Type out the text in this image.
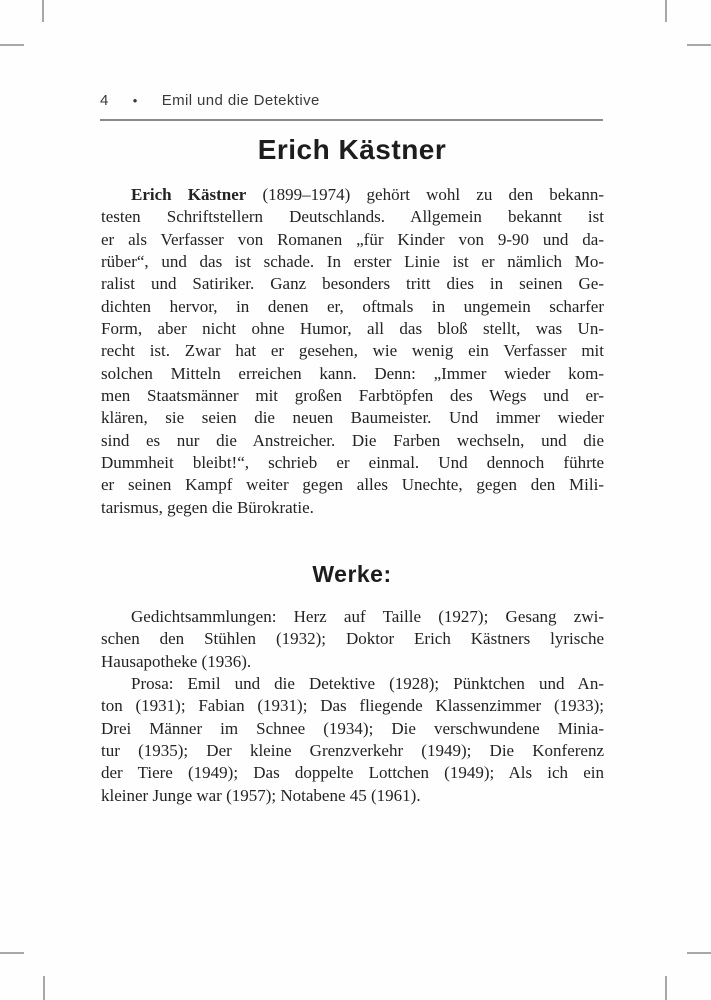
4 • Emil und die Detektive
Erich Kästner
Erich Kästner (1899–1974) gehört wohl zu den bekann-
testen Schriftstellern Deutschlands. Allgemein bekannt ist
er als Verfasser von Romanen „für Kinder von 9-90 und da-
rüber“, und das ist schade. In erster Linie ist er nämlich Mo-
ralist und Satiriker. Ganz besonders tritt dies in seinen Ge-
dichten hervor, in denen er, oftmals in ungemein scharfer
Form, aber nicht ohne Humor, all das bloß stellt, was Un-
recht ist. Zwar hat er gesehen, wie wenig ein Verfasser mit
solchen Mitteln erreichen kann. Denn: „Immer wieder kom-
men Staatsmänner mit großen Farbtöpfen des Wegs und er-
klären, sie seien die neuen Baumeister. Und immer wieder
sind es nur die Anstreicher. Die Farben wechseln, und die
Dummheit bleibt!“, schrieb er einmal. Und dennoch führte
er seinen Kampf weiter gegen alles Unechte, gegen den Mili-
tarismus, gegen die Bürokratie.
Werke:
Gedichtsammlungen: Herz auf Taille (1927); Gesang zwi-
schen den Stühlen (1932); Doktor Erich Kästners lyrische
Hausapotheke (1936).
Prosa: Emil und die Detektive (1928); Pünktchen und An-
ton (1931); Fabian (1931); Das fliegende Klassenzimmer (1933);
Drei Männer im Schnee (1934); Die verschwundene Minia-
tur (1935); Der kleine Grenzverkehr (1949); Die Konferenz
der Tiere (1949); Das doppelte Lottchen (1949); Als ich ein
kleiner Junge war (1957); Notabene 45 (1961).
